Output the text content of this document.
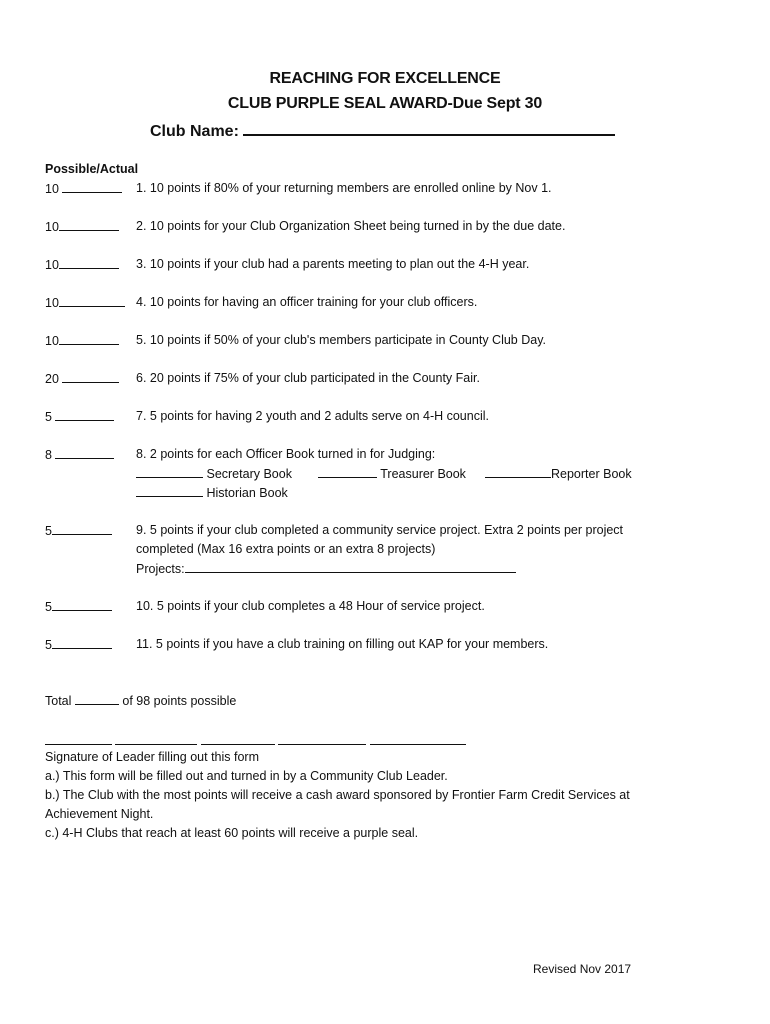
REACHING FOR EXCELLENCE
CLUB PURPLE SEAL AWARD-Due Sept 30
Club Name:
Possible/Actual
10	1. 10 points if 80% of your returning members are enrolled online by Nov 1.
10	2. 10 points for your Club Organization Sheet being turned in by the due date.
10	3. 10 points if your club had a parents meeting to plan out the 4-H year.
10	4. 10 points for having an officer training for your club officers.
10	5. 10 points if 50% of your club's members participate in County Club Day.
20	6. 20 points if 75% of your club participated in the County Fair.
5	7. 5 points for having 2 youth and 2 adults serve on 4-H council.
8	8. 2 points for each Officer Book turned in for Judging:
Secretary Book	Treasurer Book	Reporter Book
Historian Book
5	9. 5 points if your club completed a community service project. Extra 2 points per project
completed (Max 16 extra points or an extra 8 projects)
Projects:
5	10. 5 points if your club completes a 48 Hour of service project.
5	11. 5 points if you have a club training on filling out KAP for your members.
Total	of 98 points possible

Signature of Leader filling out this form
a.) This form will be filled out and turned in by a Community Club Leader.
b.) The Club with the most points will receive a cash award sponsored by Frontier Farm Credit Services at
Achievement Night.
c.) 4-H Clubs that reach at least 60 points will receive a purple seal.
Revised Nov 2017
